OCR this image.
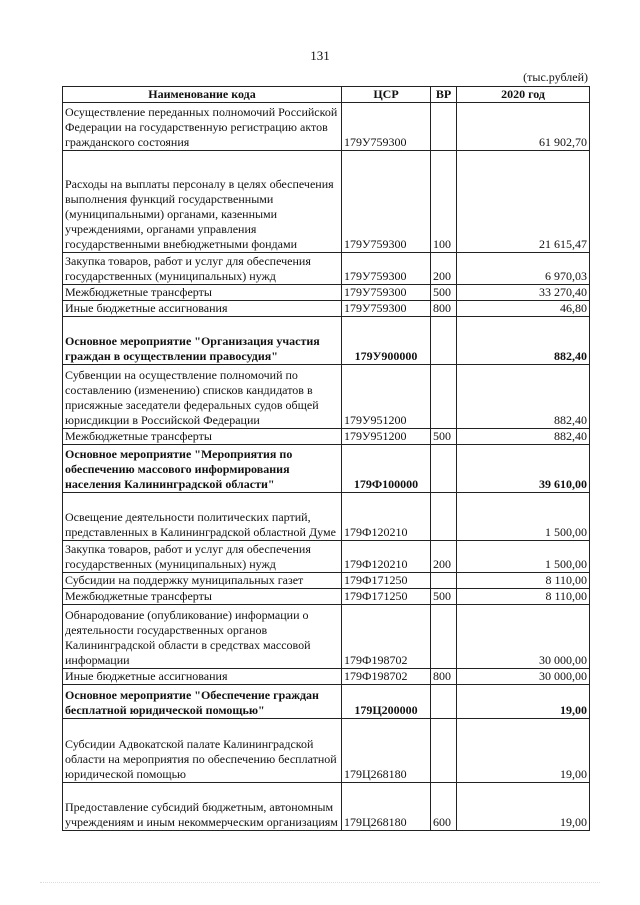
131
(тыс.рублей)
Наименование кода	ЦСР	ВР	2020 год
Осуществление переданных полномочий Российской Федерации на государственную регистрацию актов гражданского состояния	179У759300		61 902,70
Расходы на выплаты персоналу в целях обеспечения выполнения функций государственными (муниципальными) органами, казенными учреждениями, органами управления государственными внебюджетными фондами	179У759300	100	21 615,47
Закупка товаров, работ и услуг для обеспечения государственных (муниципальных) нужд	179У759300	200	6 970,03
Межбюджетные трансферты	179У759300	500	33 270,40
Иные бюджетные ассигнования	179У759300	800	46,80
Основное мероприятие "Организация участия граждан в осуществлении правосудия"	179У900000		882,40
Субвенции на осуществление полномочий по составлению (изменению) списков кандидатов в присяжные заседатели федеральных судов общей юрисдикции в Российской Федерации	179У951200		882,40
Межбюджетные трансферты	179У951200	500	882,40
Основное мероприятие "Мероприятия по обеспечению массового информирования населения Калининградской области"	179Ф100000		39 610,00
Освещение деятельности политических партий, представленных в Калининградской областной Думе	179Ф120210		1 500,00
Закупка товаров, работ и услуг для обеспечения государственных (муниципальных) нужд	179Ф120210	200	1 500,00
Субсидии на поддержку муниципальных газет	179Ф171250		8 110,00
Межбюджетные трансферты	179Ф171250	500	8 110,00
Обнародование (опубликование) информации о деятельности государственных органов Калининградской области в средствах массовой информации	179Ф198702		30 000,00
Иные бюджетные ассигнования	179Ф198702	800	30 000,00
Основное мероприятие "Обеспечение граждан бесплатной юридической помощью"	179Ц200000		19,00
Субсидии Адвокатской палате Калининградской области на мероприятия по обеспечению бесплатной юридической помощью	179Ц268180		19,00
Предоставление субсидий бюджетным, автономным учреждениям и иным некоммерческим организациям	179Ц268180	600	19,00
